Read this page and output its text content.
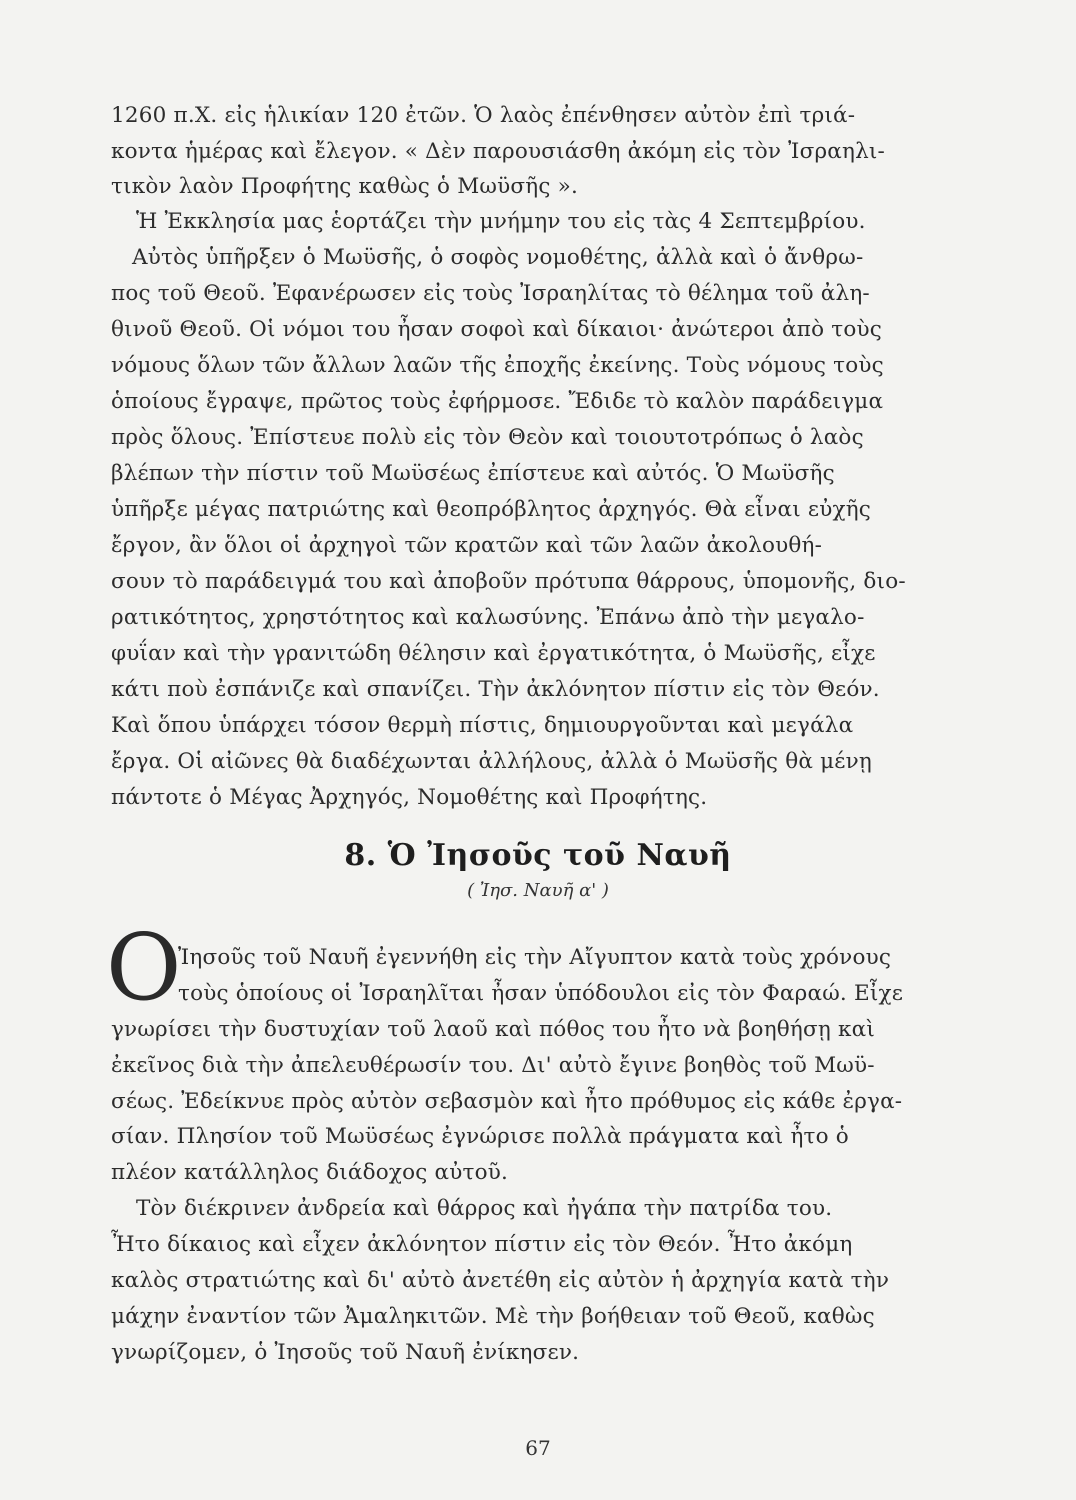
1260 π.Χ. εἰς ἡλικίαν 120 ἐτῶν. Ὁ λαὸς ἐπένθησεν αὐτὸν ἐπὶ τριά-
κοντα ἡμέρας καὶ ἔλεγον. « Δὲν παρουσιάσθη ἀκόμη εἰς τὸν Ἰσραηλι-
τικὸν λαὸν Προφήτης καθὼς ὁ Μωϋσῆς ».
Ἡ Ἐκκλησία μας ἑορτάζει τὴν μνήμην του εἰς τὰς 4 Σεπτεμβρίου.
Αὐτὸς ὑπῆρξεν ὁ Μωϋσῆς, ὁ σοφὸς νομοθέτης, ἀλλὰ καὶ ὁ ἄνθρω-
πος τοῦ Θεοῦ. Ἐφανέρωσεν εἰς τοὺς Ἰσραηλίτας τὸ θέλημα τοῦ ἀλη-
θινοῦ Θεοῦ. Οἱ νόμοι του ἦσαν σοφοὶ καὶ δίκαιοι· ἀνώτεροι ἀπὸ τοὺς
νόμους ὅλων τῶν ἄλλων λαῶν τῆς ἐποχῆς ἐκείνης. Τοὺς νόμους τοὺς
ὁποίους ἔγραψε, πρῶτος τοὺς ἐφήρμοσε. Ἔδιδε τὸ καλὸν παράδειγμα
πρὸς ὅλους. Ἐπίστευε πολὺ εἰς τὸν Θεὸν καὶ τοιουτοτρόπως ὁ λαὸς
βλέπων τὴν πίστιν τοῦ Μωϋσέως ἐπίστευε καὶ αὐτός. Ὁ Μωϋσῆς
ὑπῆρξε μέγας πατριώτης καὶ θεοπρόβλητος ἀρχηγός. Θὰ εἶναι εὐχῆς
ἔργον, ἂν ὅλοι οἱ ἀρχηγοὶ τῶν κρατῶν καὶ τῶν λαῶν ἀκολουθή-
σουν τὸ παράδειγμά του καὶ ἀποβοῦν πρότυπα θάρρους, ὑπομονῆς, διο-
ρατικότητος, χρηστότητος καὶ καλωσύνης. Ἐπάνω ἀπὸ τὴν μεγαλο-
φυΐαν καὶ τὴν γρανιτώδη θέλησιν καὶ ἐργατικότητα, ὁ Μωϋσῆς, εἶχε
κάτι ποὺ ἐσπάνιζε καὶ σπανίζει. Τὴν ἀκλόνητον πίστιν εἰς τὸν Θεόν.
Καὶ ὅπου ὑπάρχει τόσον θερμὴ πίστις, δημιουργοῦνται καὶ μεγάλα
ἔργα. Οἱ αἰῶνες θὰ διαδέχωνται ἀλλήλους, ἀλλὰ ὁ Μωϋσῆς θὰ μένῃ
πάντοτε ὁ Μέγας Ἀρχηγός, Νομοθέτης καὶ Προφήτης.
8. Ὁ Ἰησοῦς τοῦ Ναυῆ
( Ἰησ. Ναυῆ α' )
Ο
Ἰησοῦς τοῦ Ναυῆ ἐγεννήθη εἰς τὴν Αἴγυπτον κατὰ τοὺς χρόνους
τοὺς ὁποίους οἱ Ἰσραηλῖται ἦσαν ὑπόδουλοι εἰς τὸν Φαραώ. Εἶχε
γνωρίσει τὴν δυστυχίαν τοῦ λαοῦ καὶ πόθος του ἦτο νὰ βοηθήσῃ καὶ
ἐκεῖνος διὰ τὴν ἀπελευθέρωσίν του. Δι' αὐτὸ ἔγινε βοηθὸς τοῦ Μωϋ-
σέως. Ἐδείκνυε πρὸς αὐτὸν σεβασμὸν καὶ ἦτο πρόθυμος εἰς κάθε ἐργα-
σίαν. Πλησίον τοῦ Μωϋσέως ἐγνώρισε πολλὰ πράγματα καὶ ἦτο ὁ
πλέον κατάλληλος διάδοχος αὐτοῦ.
Τὸν διέκρινεν ἀνδρεία καὶ θάρρος καὶ ἠγάπα τὴν πατρίδα του.
Ἦτο δίκαιος καὶ εἶχεν ἀκλόνητον πίστιν εἰς τὸν Θεόν. Ἦτο ἀκόμη
καλὸς στρατιώτης καὶ δι' αὐτὸ ἀνετέθη εἰς αὐτὸν ἡ ἀρχηγία κατὰ τὴν
μάχην ἐναντίον τῶν Ἀμαληκιτῶν. Μὲ τὴν βοήθειαν τοῦ Θεοῦ, καθὼς
γνωρίζομεν, ὁ Ἰησοῦς τοῦ Ναυῆ ἐνίκησεν.
67
